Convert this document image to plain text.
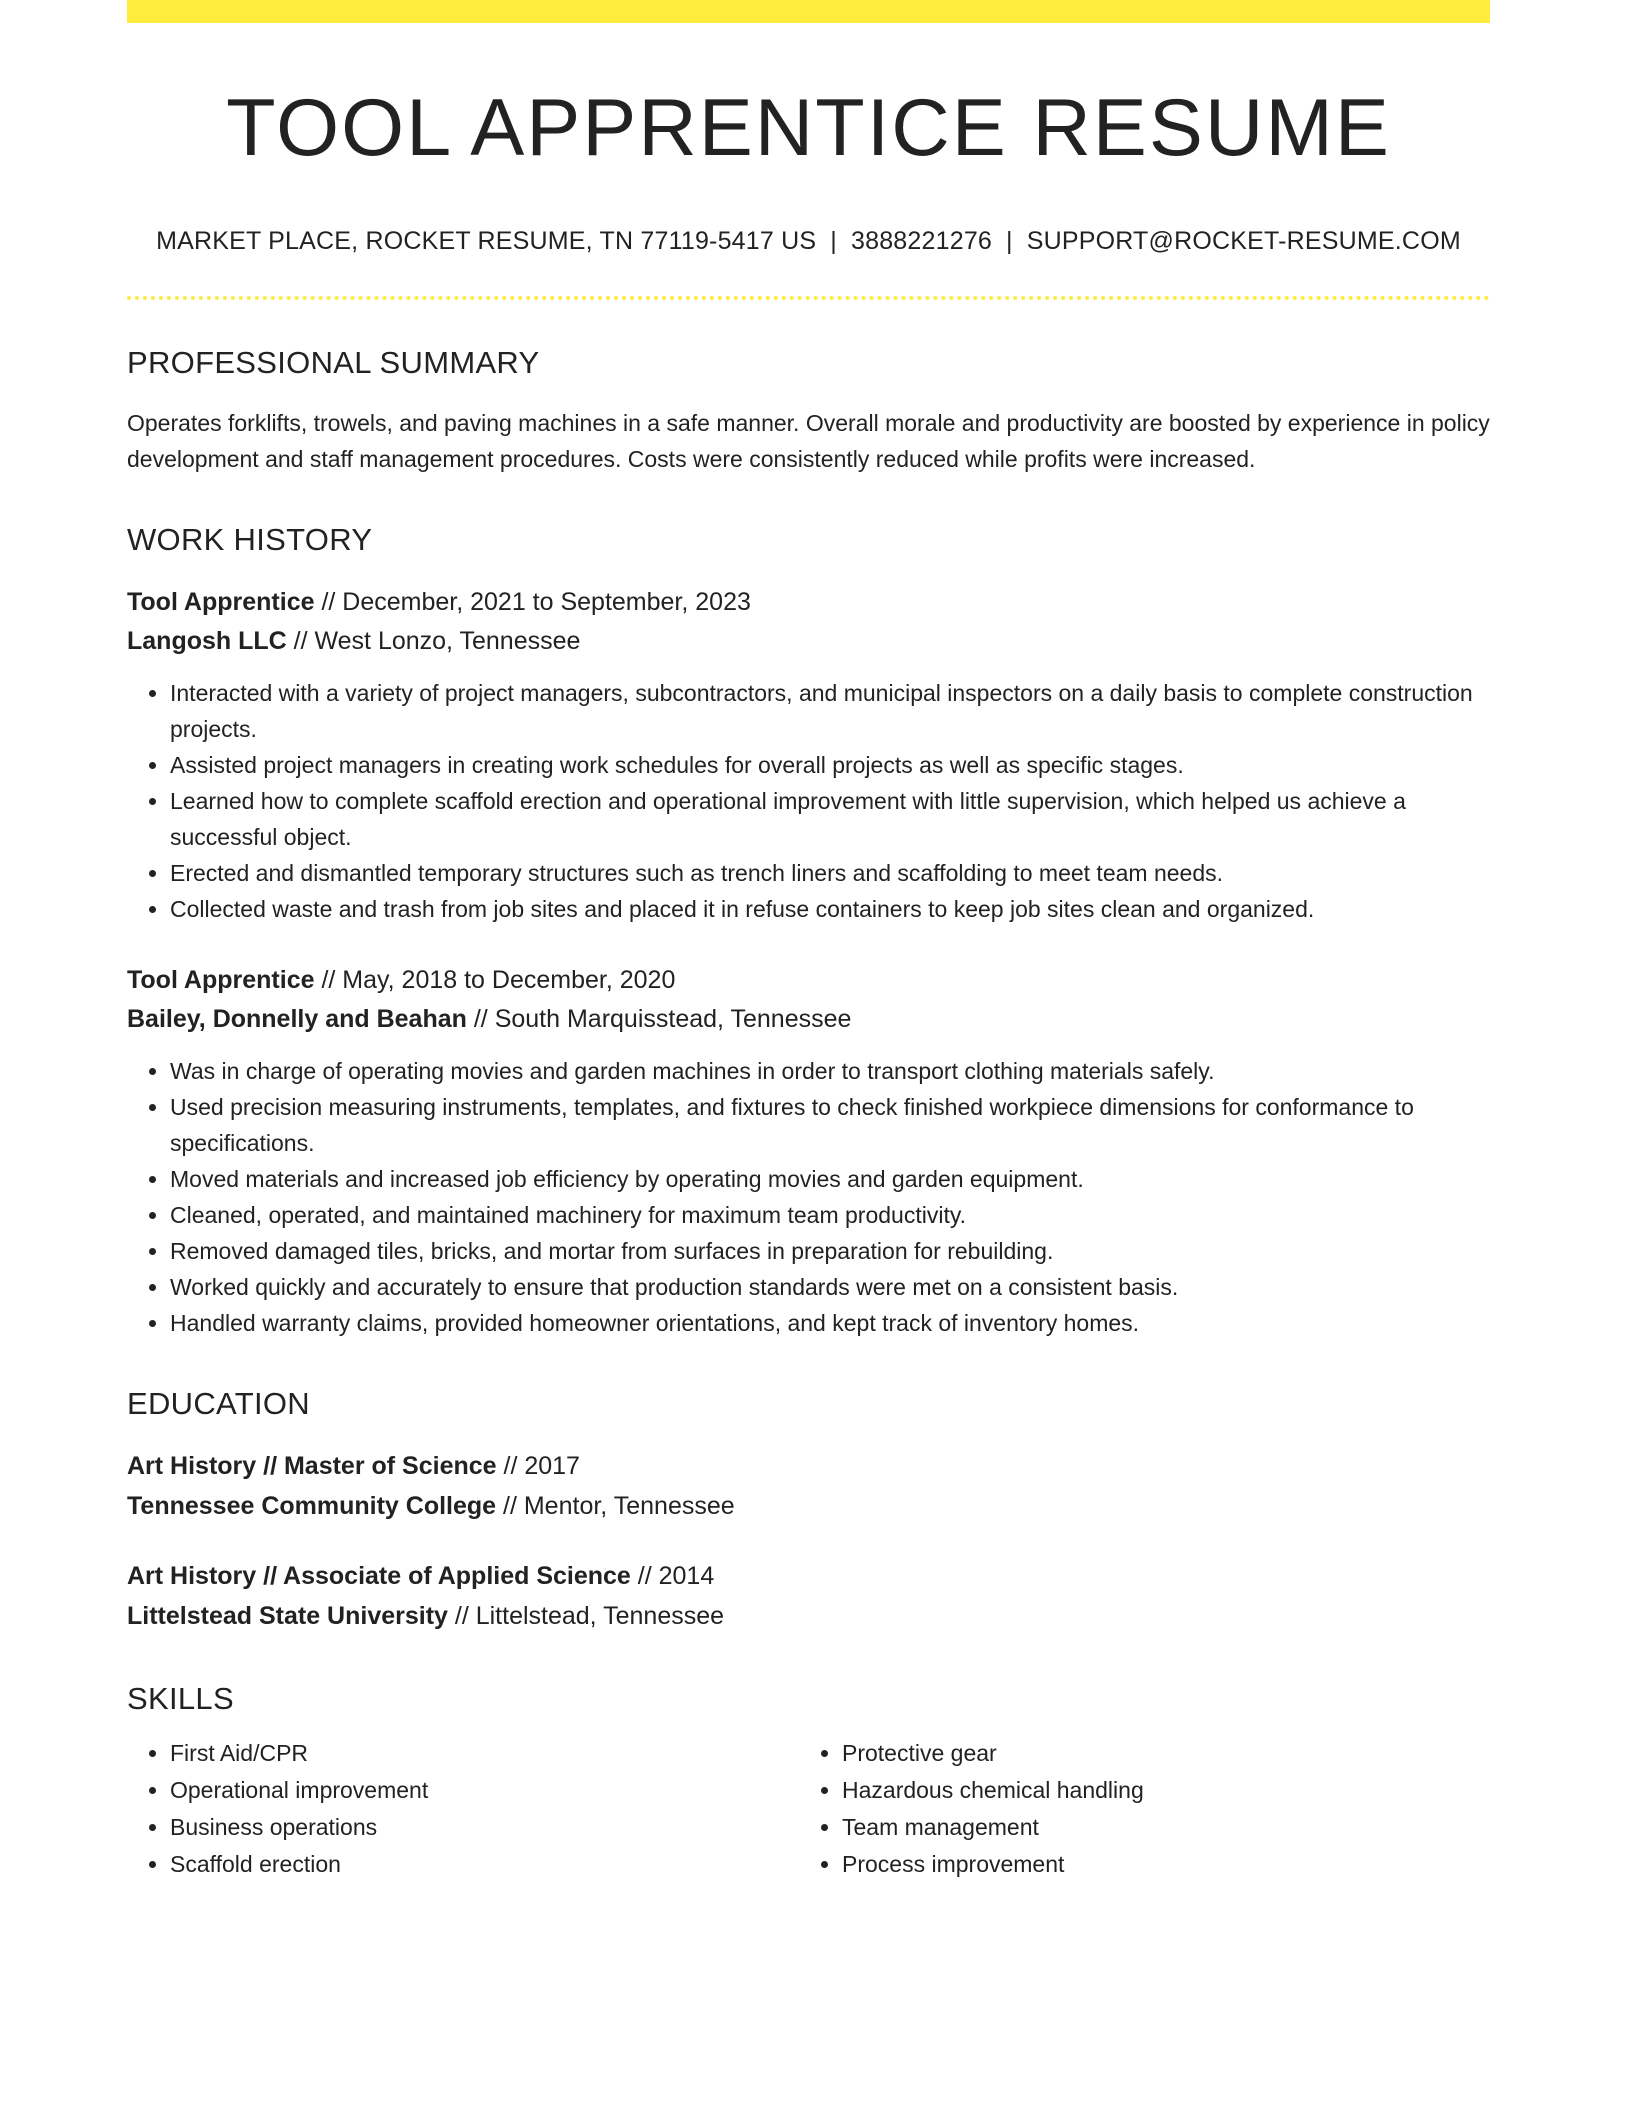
TOOL APPRENTICE RESUME
MARKET PLACE, ROCKET RESUME, TN 77119-5417 US | 3888221276 | SUPPORT@ROCKET-RESUME.COM
PROFESSIONAL SUMMARY
Operates forklifts, trowels, and paving machines in a safe manner. Overall morale and productivity are boosted by experience in policy development and staff management procedures. Costs were consistently reduced while profits were increased.
WORK HISTORY
Tool Apprentice // December, 2021 to September, 2023
Langosh LLC // West Lonzo, Tennessee
• Interacted with a variety of project managers, subcontractors, and municipal inspectors on a daily basis to complete construction projects.
• Assisted project managers in creating work schedules for overall projects as well as specific stages.
• Learned how to complete scaffold erection and operational improvement with little supervision, which helped us achieve a successful object.
• Erected and dismantled temporary structures such as trench liners and scaffolding to meet team needs.
• Collected waste and trash from job sites and placed it in refuse containers to keep job sites clean and organized.
Tool Apprentice // May, 2018 to December, 2020
Bailey, Donnelly and Beahan // South Marquisstead, Tennessee
• Was in charge of operating movies and garden machines in order to transport clothing materials safely.
• Used precision measuring instruments, templates, and fixtures to check finished workpiece dimensions for conformance to specifications.
• Moved materials and increased job efficiency by operating movies and garden equipment.
• Cleaned, operated, and maintained machinery for maximum team productivity.
• Removed damaged tiles, bricks, and mortar from surfaces in preparation for rebuilding.
• Worked quickly and accurately to ensure that production standards were met on a consistent basis.
• Handled warranty claims, provided homeowner orientations, and kept track of inventory homes.
EDUCATION
Art History // Master of Science // 2017
Tennessee Community College // Mentor, Tennessee
Art History // Associate of Applied Science // 2014
Littelstead State University // Littelstead, Tennessee
SKILLS
• First Aid/CPR
• Operational improvement
• Business operations
• Scaffold erection
• Protective gear
• Hazardous chemical handling
• Team management
• Process improvement
